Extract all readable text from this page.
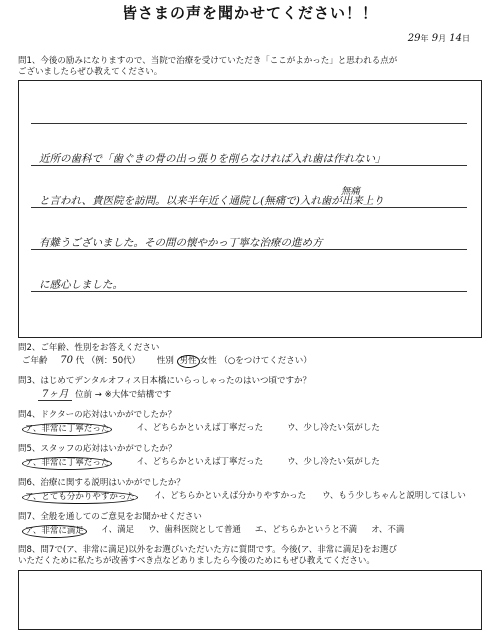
皆さまの声を聞かせてください！！
29年 9月 14日
問1、今後の励みになりますので、当院で治療を受けていただき「ここがよかった」と思われる点が
ございましたらぜひ教えてください。
近所の歯科で「歯ぐきの骨の出っ張りを削らなければ入れ歯は作れない」
無痛
と言われ、貴医院を訪問。以来半年近く通院し(無痛で)入れ歯が出来上り
有難うございました。その間の懐やかっ丁寧な治療の進め方
に感心しました。
問2、ご年齢、性別をお答えください
ご年齢 70 代 （例：50代） 性別 男性 女性 （○をつけてください）
問3、はじめてデンタルオフィス日本橋にいらっしゃったのはいつ頃ですか？
7ヶ月 位前 → ※大体で結構です
問4、ドクターの応対はいかがでしたか？
ア、非常に丁寧だった	イ、どちらかといえば丁寧だった	ウ、少し冷たい気がした
問5、スタッフの応対はいかがでしたか？
ア、非常に丁寧だった	イ、どちらかといえば丁寧だった	ウ、少し冷たい気がした
問6、治療に関する説明はいかがでしたか？
ア、とても分かりやすかった	イ、どちらかといえば分かりやすかった ウ、もう少しちゃんと説明してほしい
問7、全般を通してのご意見をお聞かせください
ア、非常に満足	イ、満足 ウ、歯科医院として普通 エ、どちらかというと不満 オ、不満
問8、問7で(ア、非常に満足)以外をお選びいただいた方に質問です。今後(ア、非常に満足)をお選び
いただくために私たちが改善すべき点などありましたら今後のためにもぜひ教えてください。
